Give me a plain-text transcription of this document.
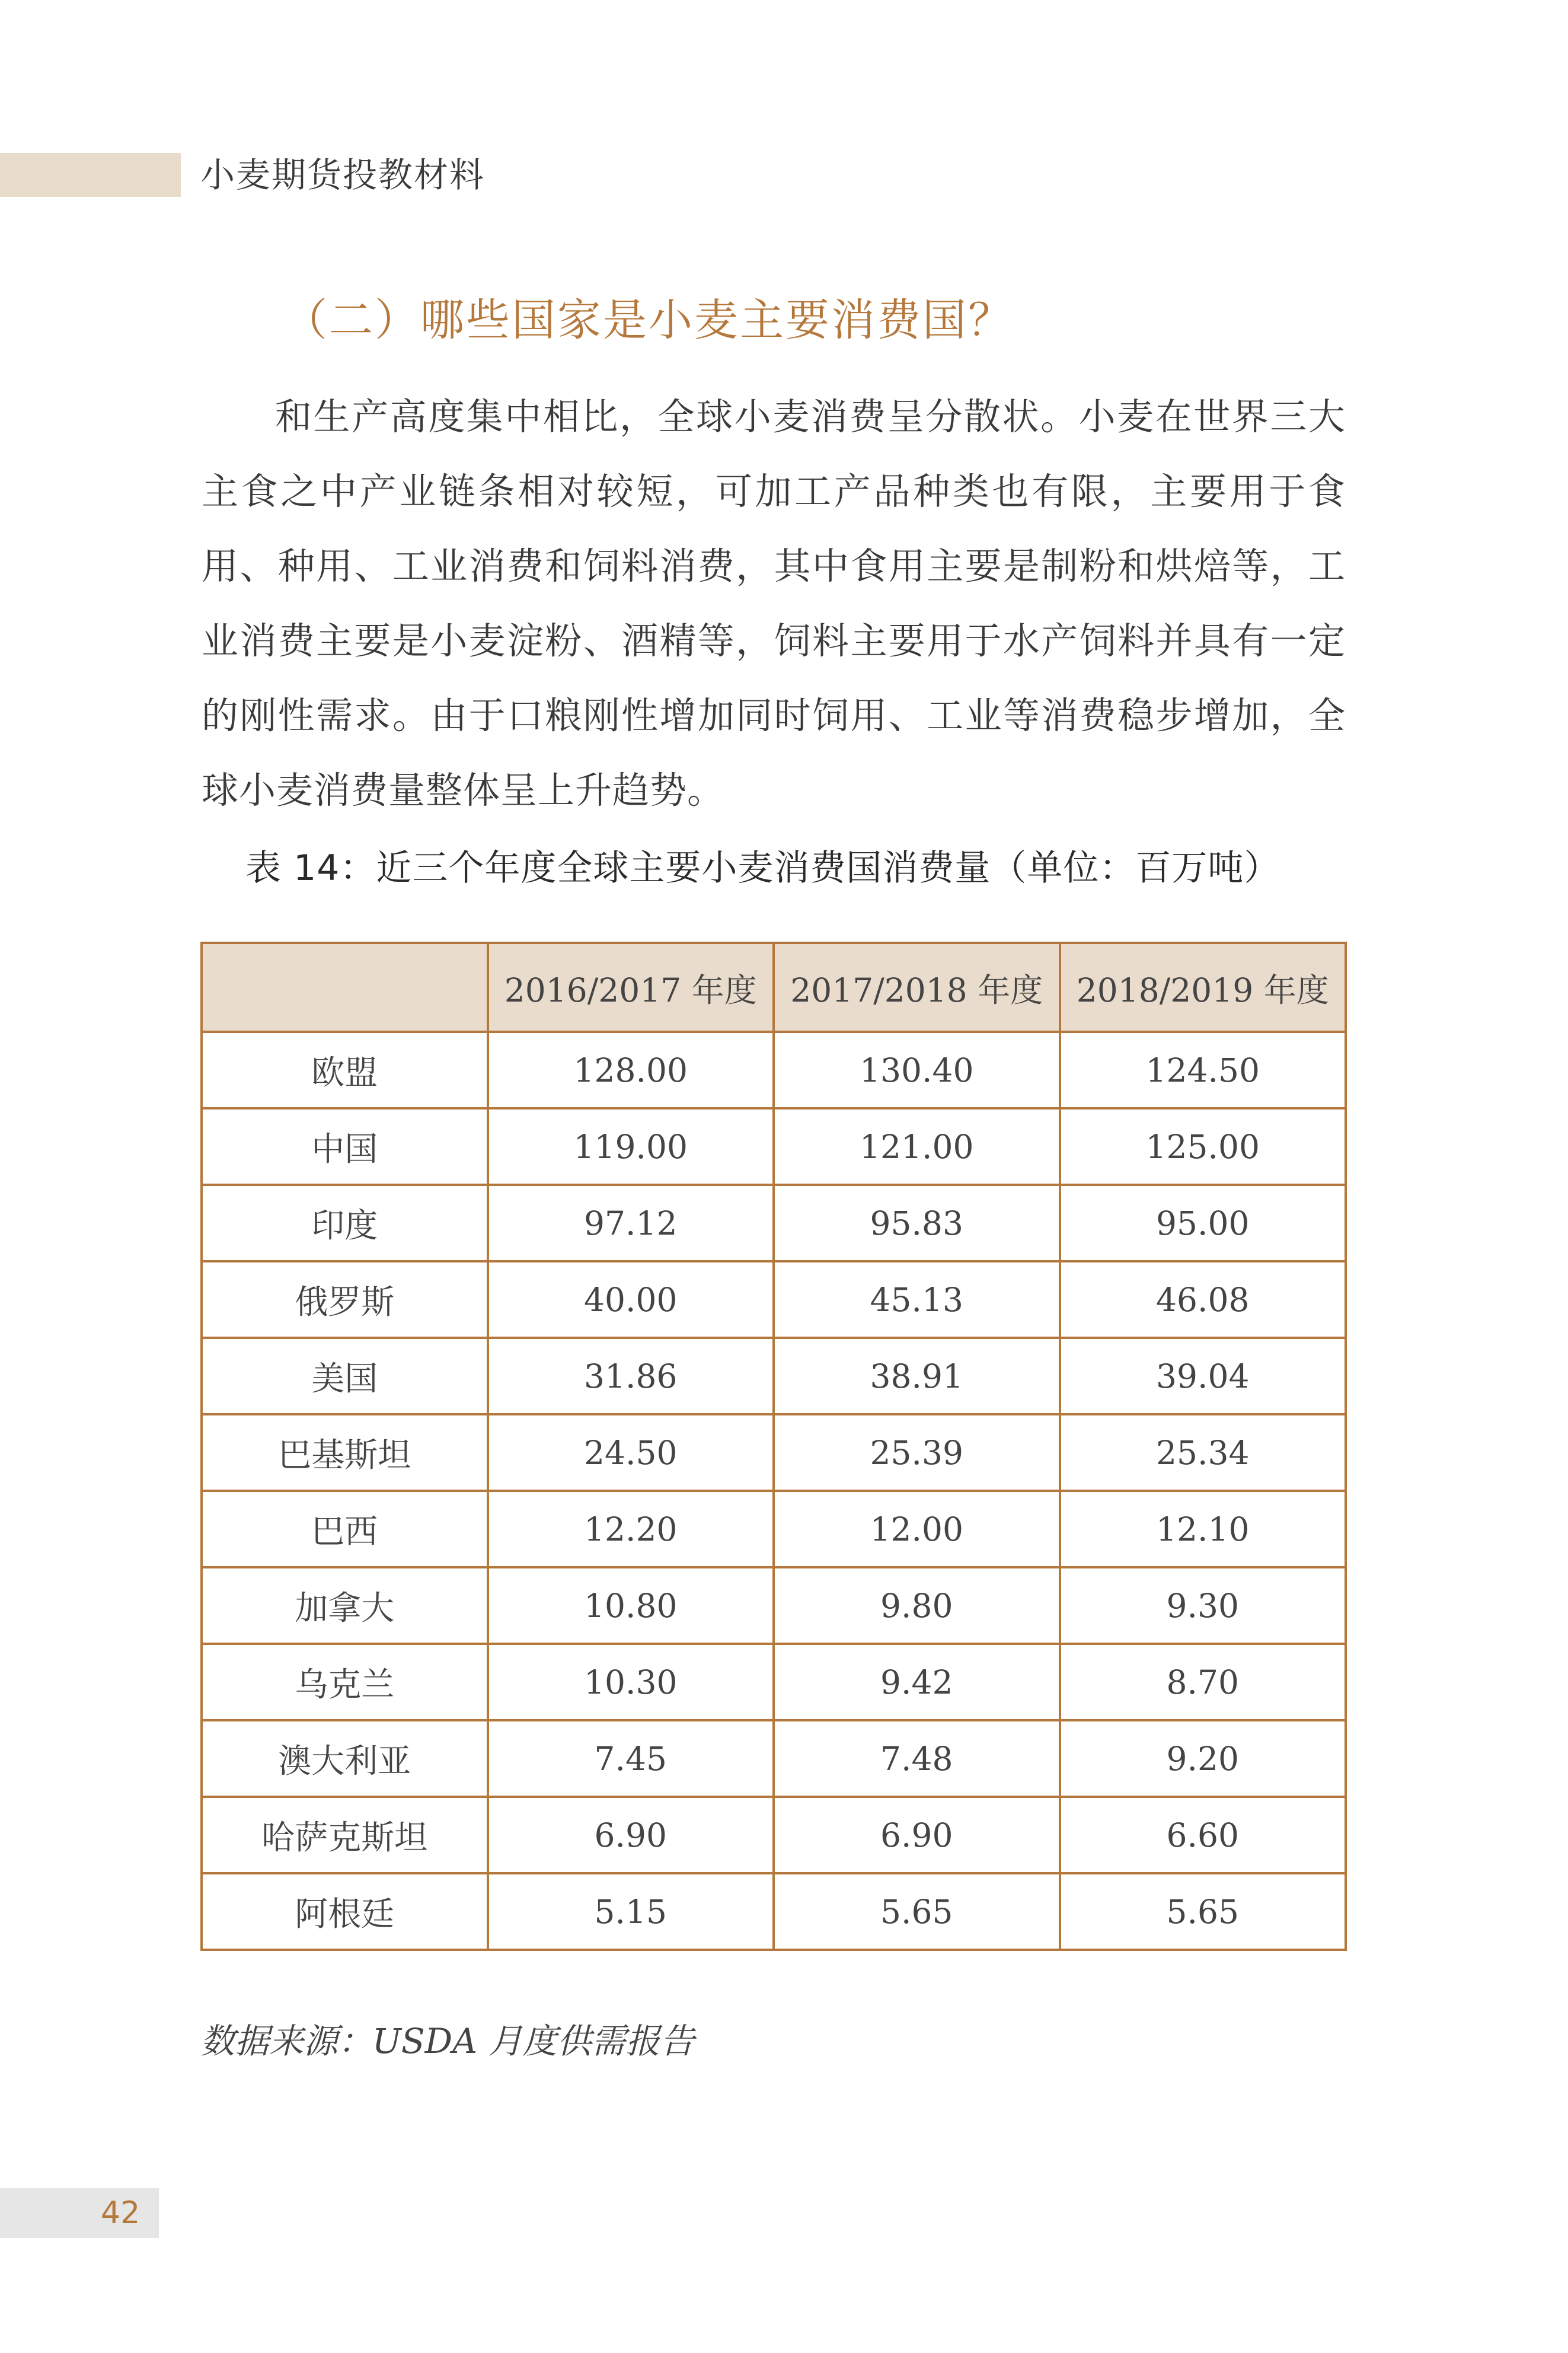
小麦期货投教材料
（二）哪些国家是小麦主要消费国？

和生产高度集中相比，全球小麦消费呈分散状。小麦在世界三大主食之中产业链条相对较短，可加工产品种类也有限，主要用于食用、种用、工业消费和饲料消费，其中食用主要是制粉和烘焙等，工业消费主要是小麦淀粉、酒精等，饲料主要用于水产饲料并具有一定的刚性需求。由于口粮刚性增加同时饲用、工业等消费稳步增加，全球小麦消费量整体呈上升趋势。

表 14：近三个年度全球主要小麦消费国消费量（单位：百万吨）
	2016/2017 年度	2017/2018 年度	2018/2019 年度
欧盟	128.00	130.40	124.50
中国	119.00	121.00	125.00
印度	97.12	95.83	95.00
俄罗斯	40.00	45.13	46.08
美国	31.86	38.91	39.04
巴基斯坦	24.50	25.39	25.34
巴西	12.20	12.00	12.10
加拿大	10.80	9.80	9.30
乌克兰	10.30	9.42	8.70
澳大利亚	7.45	7.48	9.20
哈萨克斯坦	6.90	6.90	6.60
阿根廷	5.15	5.65	5.65
数据来源：USDA 月度供需报告
42
